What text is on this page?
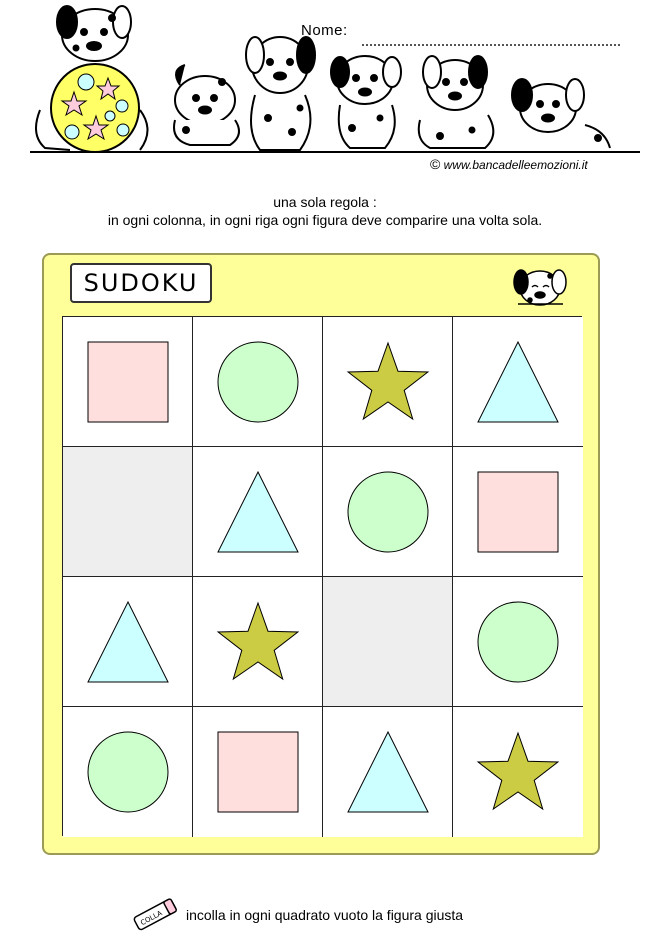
Nome:
© www.bancadelleemozioni.it
una sola regola :
in ogni colonna, in ogni riga ogni figura deve comparire una volta sola.
SUDOKU
COLLA incolla in ogni quadrato vuoto la figura giusta
